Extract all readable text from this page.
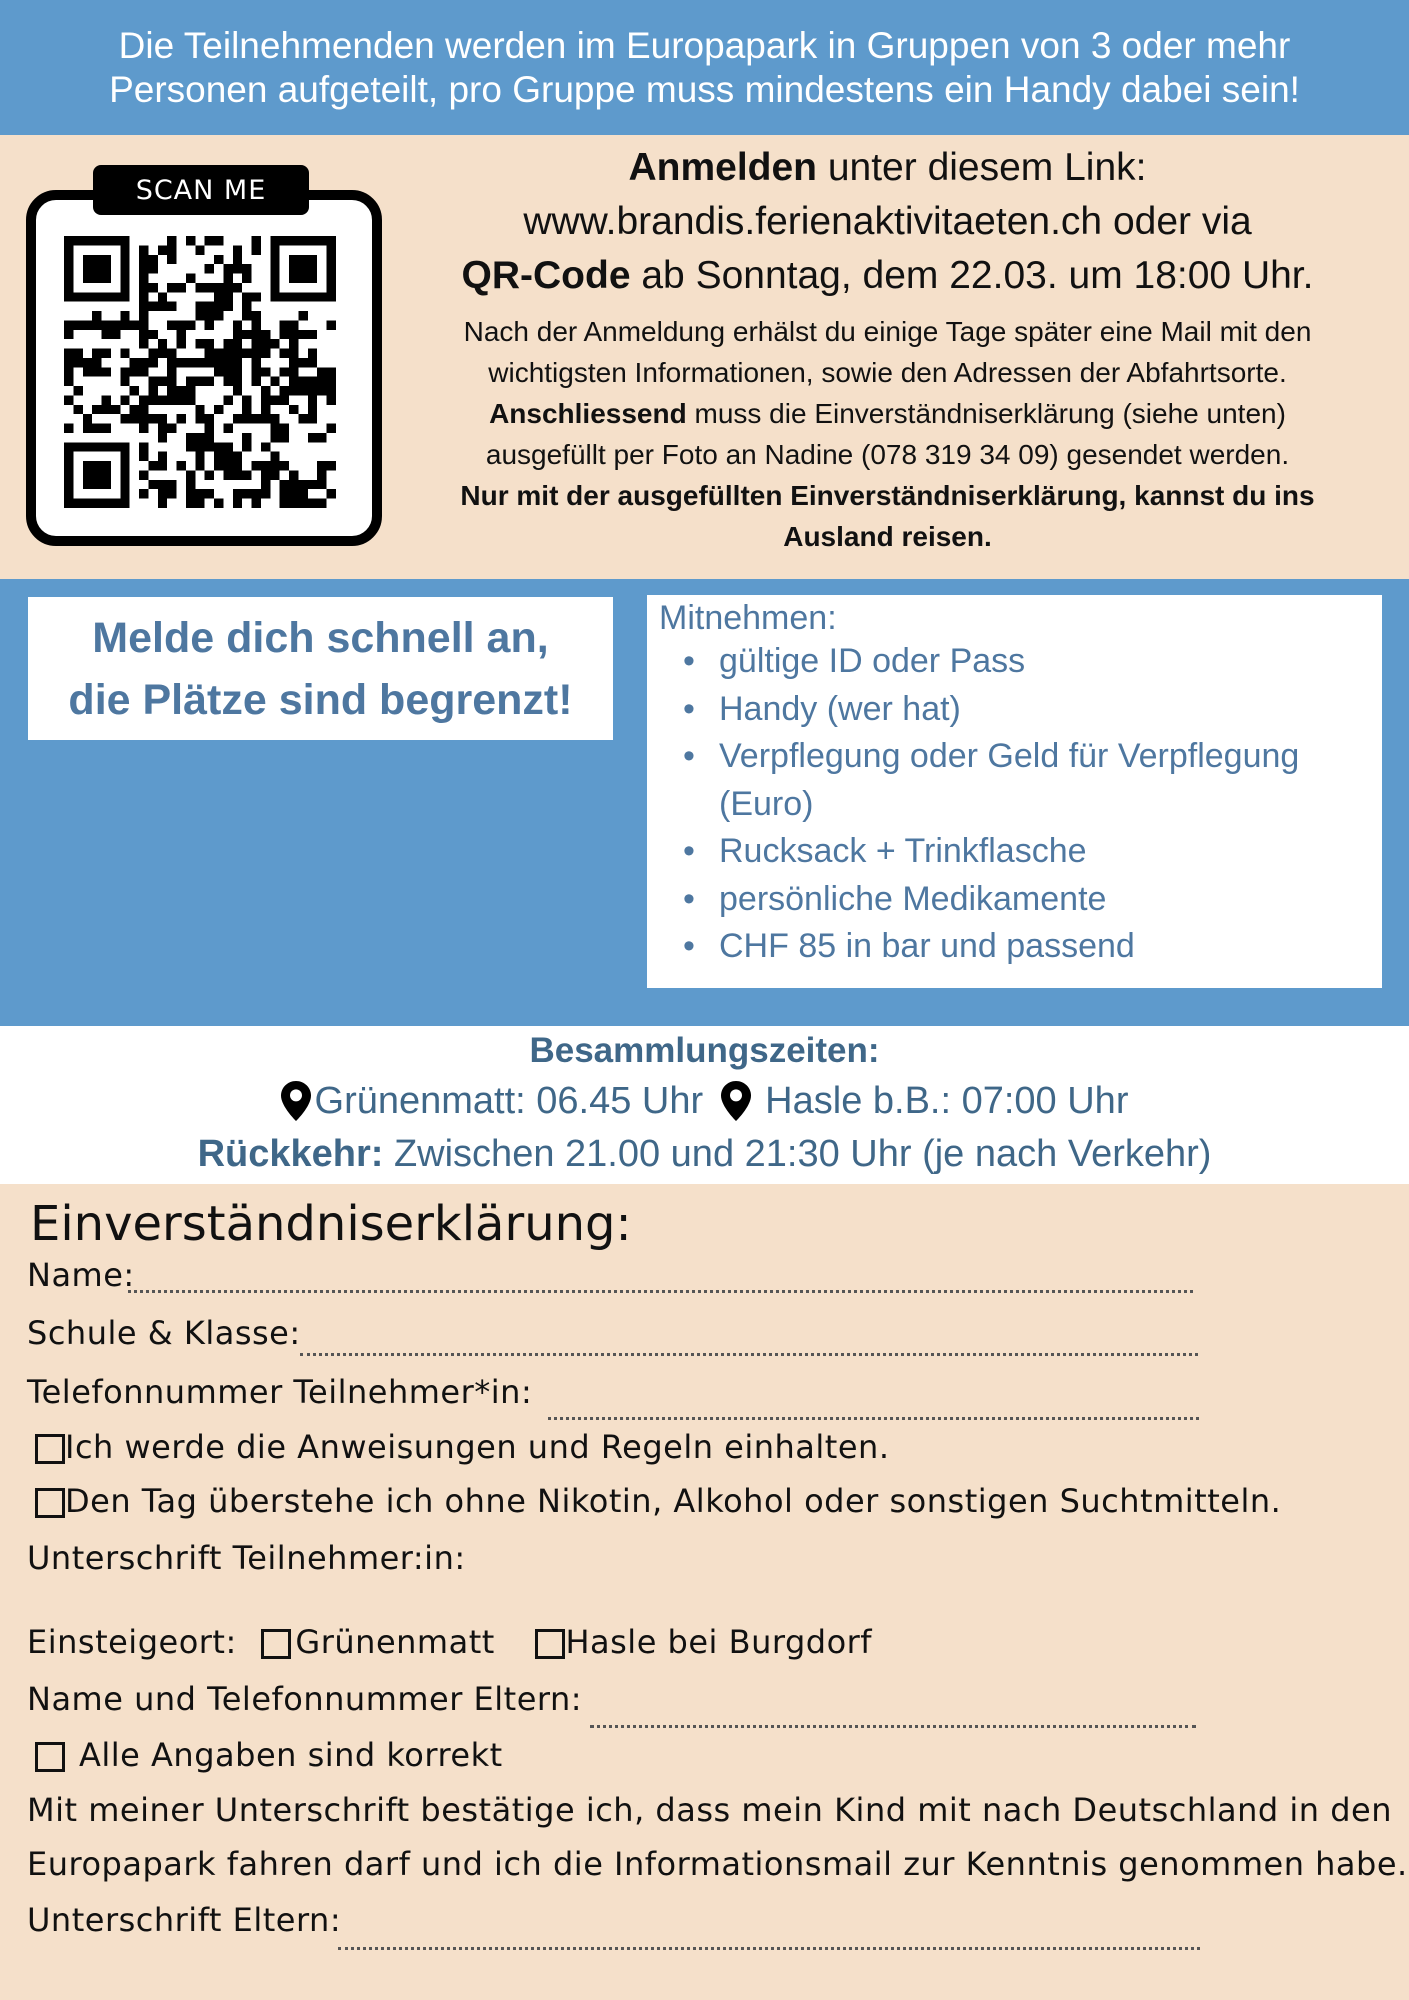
Die Teilnehmenden werden im Europapark in Gruppen von 3 oder mehr
Personen aufgeteilt, pro Gruppe muss mindestens ein Handy dabei sein!
SCAN ME
Anmelden unter diesem Link:
www.brandis.ferienaktivitaeten.ch oder via
QR-Code ab Sonntag, dem 22.03. um 18:00 Uhr.
Nach der Anmeldung erhälst du einige Tage später eine Mail mit den
wichtigsten Informationen, sowie den Adressen der Abfahrtsorte.
Anschliessend muss die Einverständniserklärung (siehe unten)
ausgefüllt per Foto an Nadine (078 319 34 09) gesendet werden.
Nur mit der ausgefüllten Einverständniserklärung, kannst du ins
Ausland reisen.
Melde dich schnell an,
die Plätze sind begrenzt!
Mitnehmen:
• gültige ID oder Pass
• Handy (wer hat)
• Verpflegung oder Geld für Verpflegung (Euro)
• Rucksack + Trinkflasche
• persönliche Medikamente
• CHF 85 in bar und passend
Besammlungszeiten:
Grünenmatt: 06.45 Uhr Hasle b.B.: 07:00 Uhr
Rückkehr: Zwischen 21.00 und 21:30 Uhr (je nach Verkehr)
Einverständniserklärung:
Name:
Schule & Klasse:
Telefonnummer Teilnehmer*in:
Ich werde die Anweisungen und Regeln einhalten.
Den Tag überstehe ich ohne Nikotin, Alkohol oder sonstigen Suchtmitteln.
Unterschrift Teilnehmer:in:
Einsteigeort: Grünenmatt Hasle bei Burgdorf
Name und Telefonnummer Eltern:
Alle Angaben sind korrekt
Mit meiner Unterschrift bestätige ich, dass mein Kind mit nach Deutschland in den
Europapark fahren darf und ich die Informationsmail zur Kenntnis genommen habe.
Unterschrift Eltern:
